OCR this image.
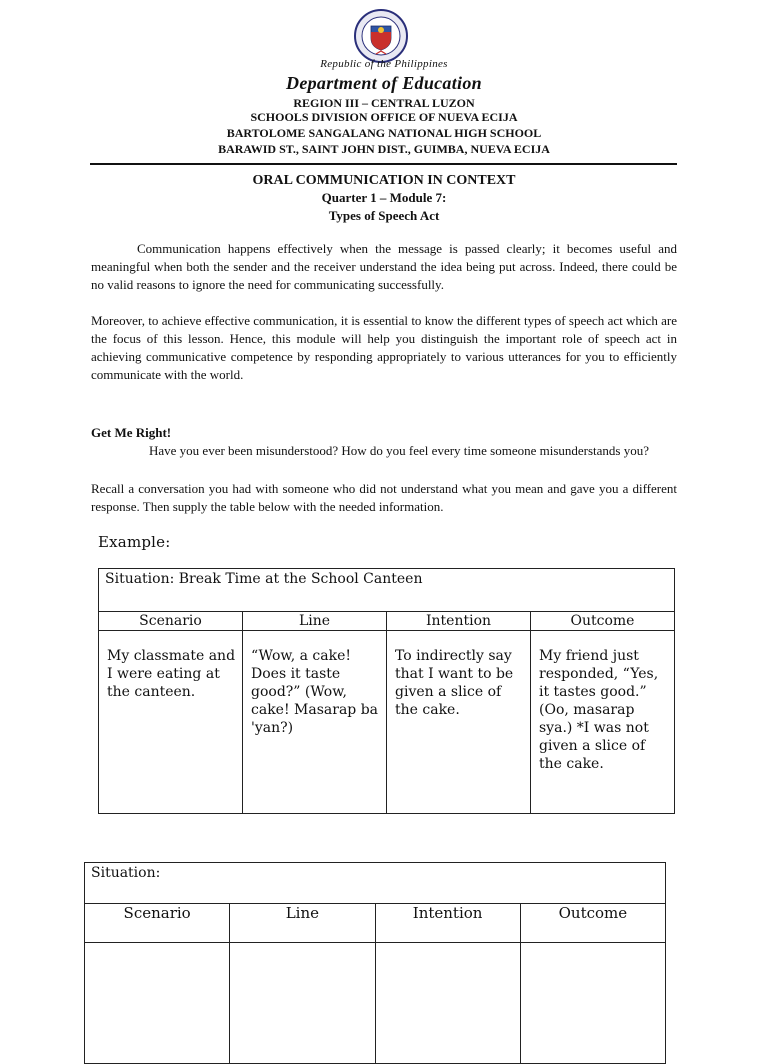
Republic of the Philippines
Department of Education
REGION III – CENTRAL LUZON
SCHOOLS DIVISION OFFICE OF NUEVA ECIJA
BARTOLOME SANGALANG NATIONAL HIGH SCHOOL
BARAWID ST., SAINT JOHN DIST., GUIMBA, NUEVA ECIJA
ORAL COMMUNICATION IN CONTEXT
Quarter 1 – Module 7:
Types of Speech Act

Communication happens effectively when the message is passed clearly; it becomes useful and meaningful when both the sender and the receiver understand the idea being put across. Indeed, there could be no valid reasons to ignore the need for communicating successfully.

Moreover, to achieve effective communication, it is essential to know the different types of speech act which are the focus of this lesson. Hence, this module will help you distinguish the important role of speech act in achieving communicative competence by responding appropriately to various utterances for you to efficiently communicate with the world.

Get Me Right!

Have you ever been misunderstood? How do you feel every time someone misunderstands you?

Recall a conversation you had with someone who did not understand what you mean and gave you a different response. Then supply the table below with the needed information.

Example:
Situation: Break Time at the School Canteen			
Scenario	Line	Intention	Outcome
My classmate and I were eating at the canteen.	“Wow, a cake! Does it taste good?” (Wow, cake! Masarap ba 'yan?)	To indirectly say that I want to be given a slice of the cake.	My friend just responded, “Yes, it tastes good.” (Oo, masarap sya.) *I was not given a slice of the cake.
Situation:			
Scenario	Line	Intention	Outcome
